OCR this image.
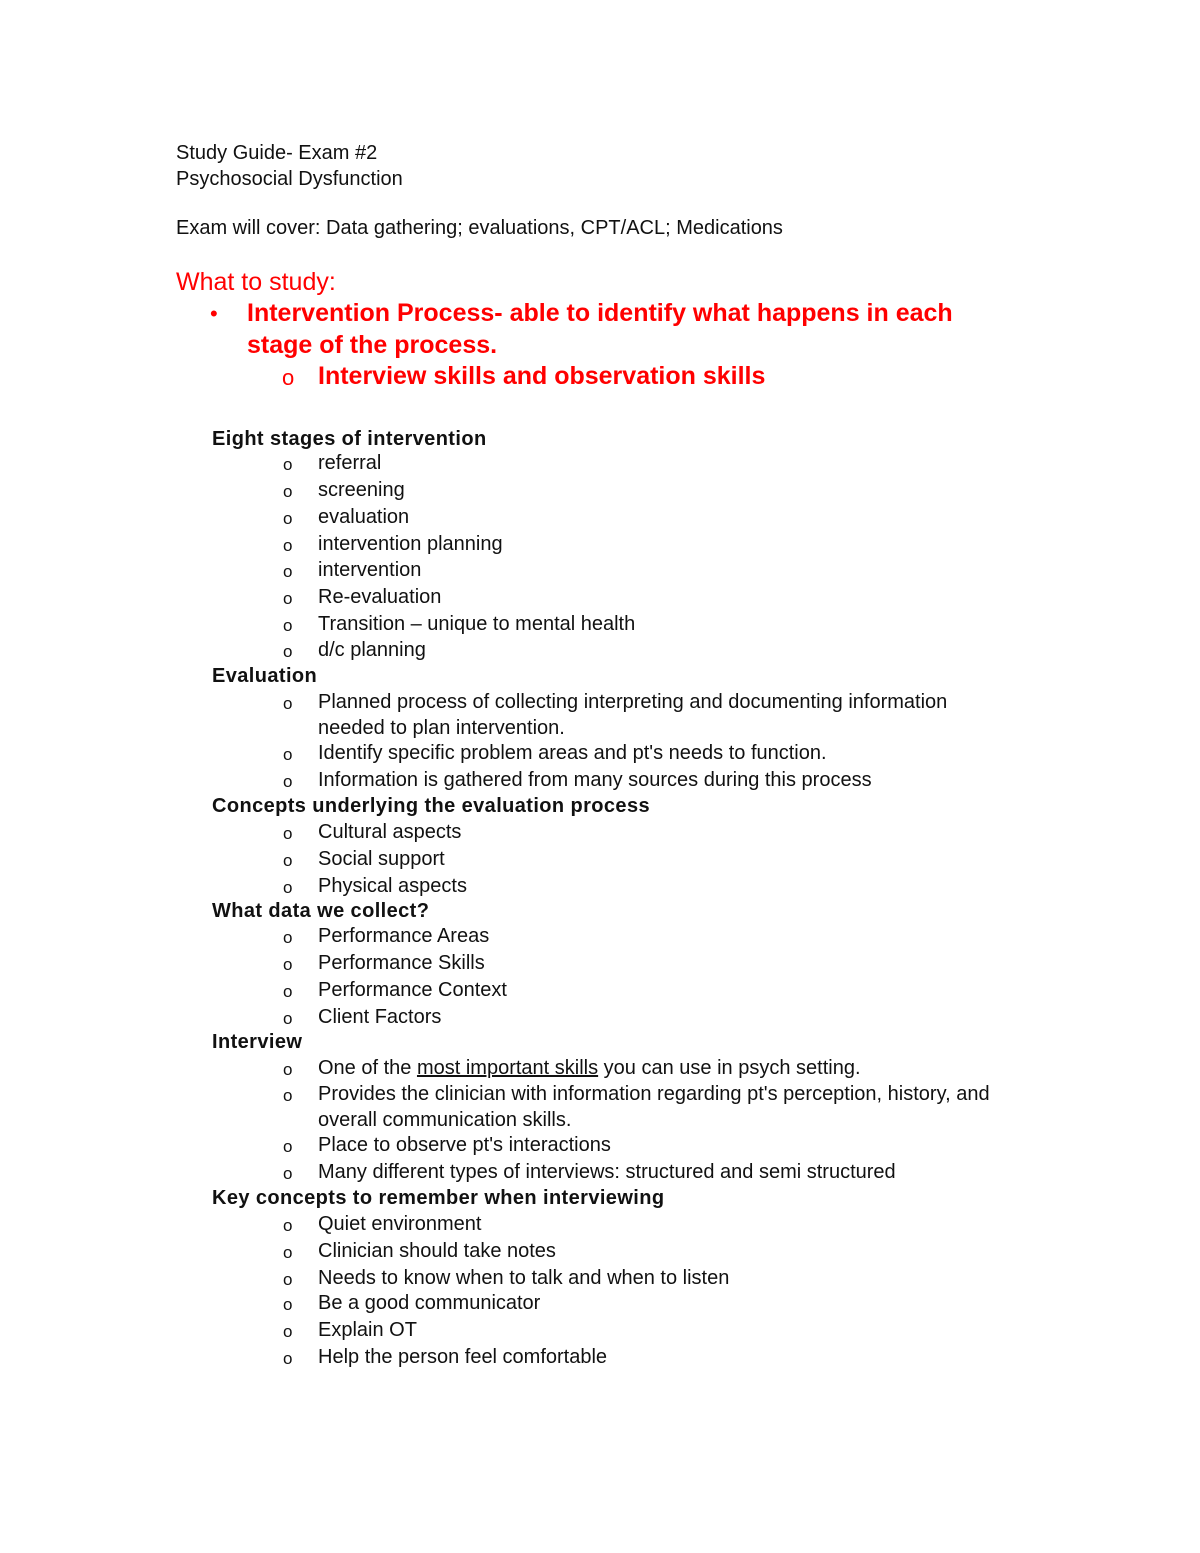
Study Guide- Exam #2
Psychosocial Dysfunction
Exam will cover: Data gathering; evaluations, CPT/ACL; Medications
What to study:
• Intervention Process- able to identify what happens in each stage of the process.
o Interview skills and observation skills
Eight stages of intervention
o referral
o screening
o evaluation
o intervention planning
o intervention
o Re-evaluation
o Transition – unique to mental health
o d/c planning
Evaluation
o Planned process of collecting interpreting and documenting information needed to plan intervention.
o Identify specific problem areas and pt's needs to function.
o Information is gathered from many sources during this process
Concepts underlying the evaluation process
o Cultural aspects
o Social support
o Physical aspects
What data we collect?
o Performance Areas
o Performance Skills
o Performance Context
o Client Factors
Interview
o One of the most important skills you can use in psych setting.
o Provides the clinician with information regarding pt's perception, history, and overall communication skills.
o Place to observe pt's interactions
o Many different types of interviews: structured and semi structured
Key concepts to remember when interviewing
o Quiet environment
o Clinician should take notes
o Needs to know when to talk and when to listen
o Be a good communicator
o Explain OT
o Help the person feel comfortable
